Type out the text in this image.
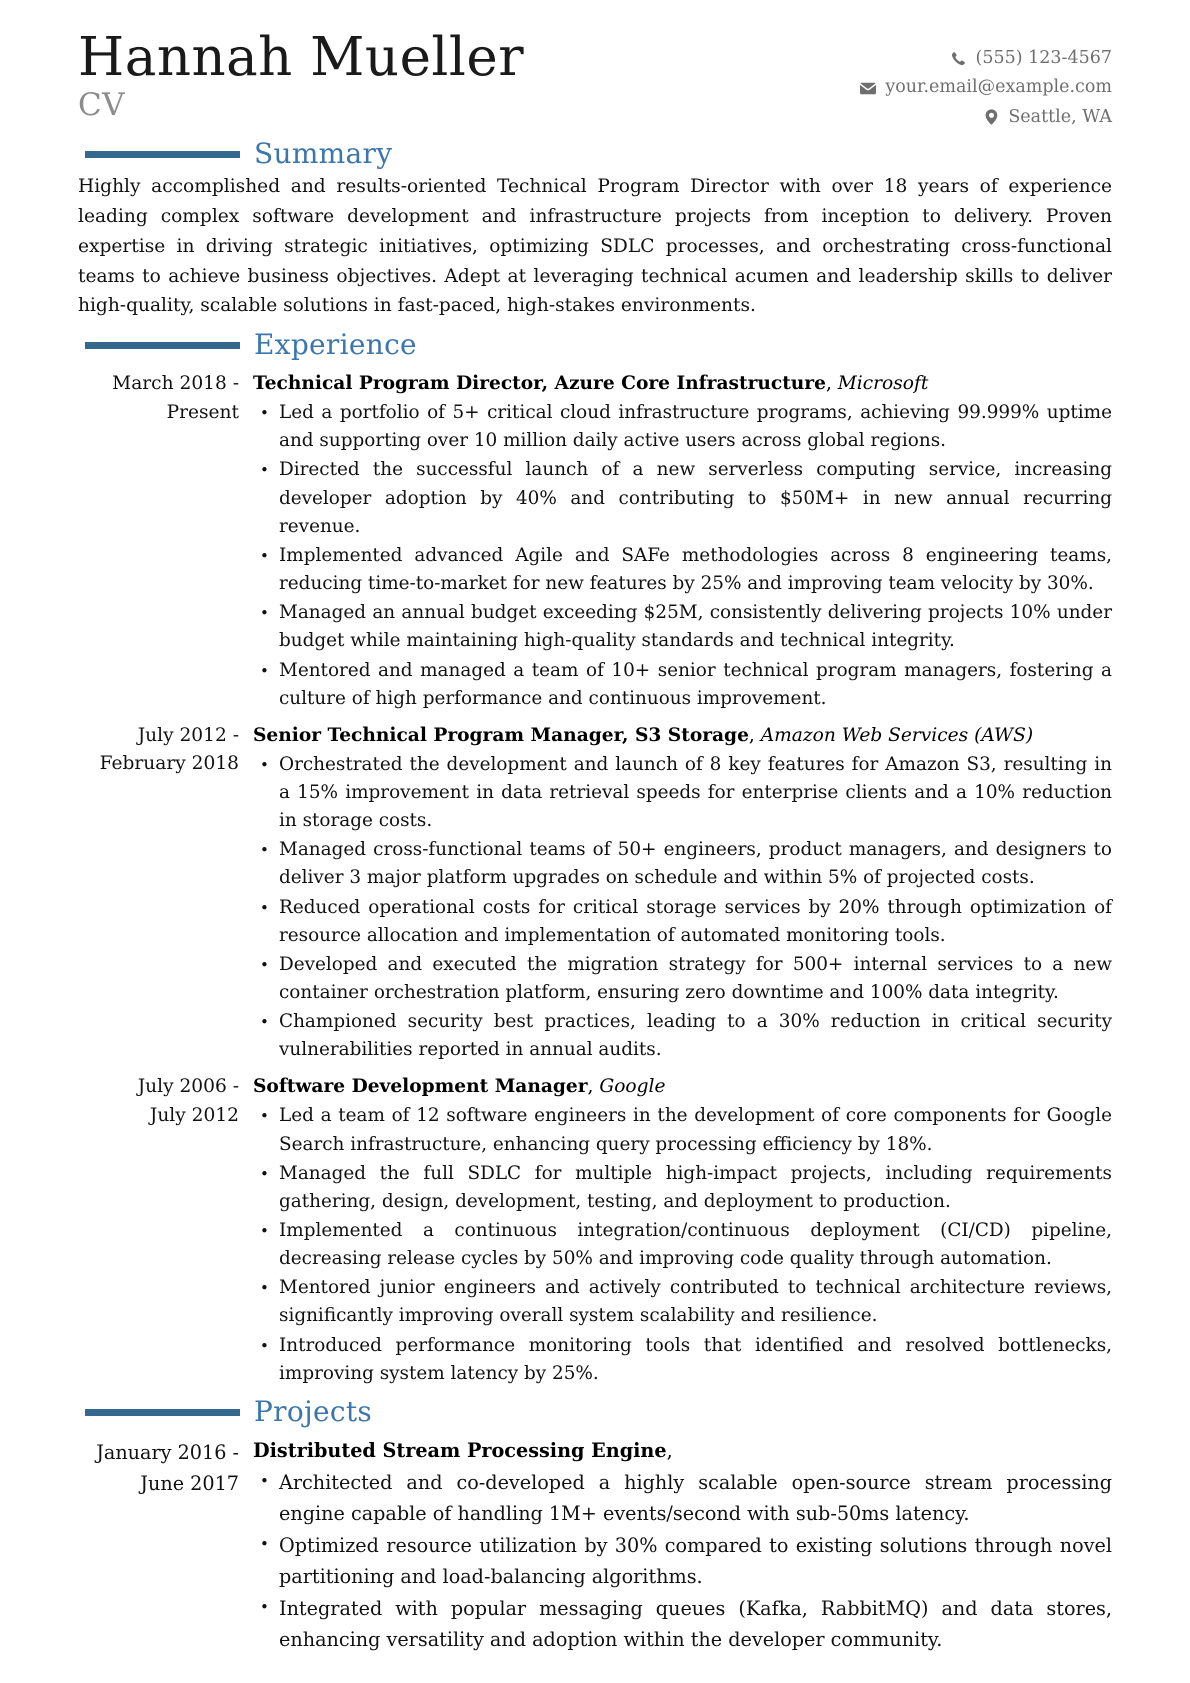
Hannah Mueller
CV
(555) 123-4567
your.email@example.com
Seattle, WA
Summary

Highly accomplished and results-oriented Technical Program Director with over 18 years of experience leading complex software development and infrastructure projects from inception to delivery. Proven expertise in driving strategic initiatives, optimizing SDLC processes, and orchestrating cross-functional teams to achieve business objectives. Adept at leveraging technical acumen and leadership skills to deliver high-quality, scalable solutions in fast-paced, high-stakes environments.

Experience
March 2018 -
Present
Technical Program Director, Azure Core Infrastructure, Microsoft
• Led a portfolio of 5+ critical cloud infrastructure programs, achieving 99.999% uptime and supporting over 10 million daily active users across global regions.
• Directed the successful launch of a new serverless computing service, increasing developer adoption by 40% and contributing to $50M+ in new annual recurring revenue.
• Implemented advanced Agile and SAFe methodologies across 8 engineering teams, reducing time-to-market for new features by 25% and improving team velocity by 30%.
• Managed an annual budget exceeding $25M, consistently delivering projects 10% under budget while maintaining high-quality standards and technical integrity.
• Mentored and managed a team of 10+ senior technical program managers, fostering a culture of high performance and continuous improvement.
July 2012 -
February 2018
Senior Technical Program Manager, S3 Storage, Amazon Web Services (AWS)
• Orchestrated the development and launch of 8 key features for Amazon S3, resulting in a 15% improvement in data retrieval speeds for enterprise clients and a 10% reduction in storage costs.
• Managed cross-functional teams of 50+ engineers, product managers, and designers to deliver 3 major platform upgrades on schedule and within 5% of projected costs.
• Reduced operational costs for critical storage services by 20% through optimization of resource allocation and implementation of automated monitoring tools.
• Developed and executed the migration strategy for 500+ internal services to a new container orchestration platform, ensuring zero downtime and 100% data integrity.
• Championed security best practices, leading to a 30% reduction in critical security vulnerabilities reported in annual audits.
July 2006 -
July 2012
Software Development Manager, Google
• Led a team of 12 software engineers in the development of core components for Google Search infrastructure, enhancing query processing efficiency by 18%.
• Managed the full SDLC for multiple high-impact projects, including requirements gathering, design, development, testing, and deployment to production.
• Implemented a continuous integration/continuous deployment (CI/CD) pipeline, decreasing release cycles by 50% and improving code quality through automation.
• Mentored junior engineers and actively contributed to technical architecture reviews, significantly improving overall system scalability and resilience.
• Introduced performance monitoring tools that identified and resolved bottlenecks, improving system latency by 25%.
Projects
January 2016 -
June 2017
Distributed Stream Processing Engine,
• Architected and co-developed a highly scalable open-source stream processing engine capable of handling 1M+ events/second with sub-50ms latency.
• Optimized resource utilization by 30% compared to existing solutions through novel partitioning and load-balancing algorithms.
• Integrated with popular messaging queues (Kafka, RabbitMQ) and data stores, enhancing versatility and adoption within the developer community.
